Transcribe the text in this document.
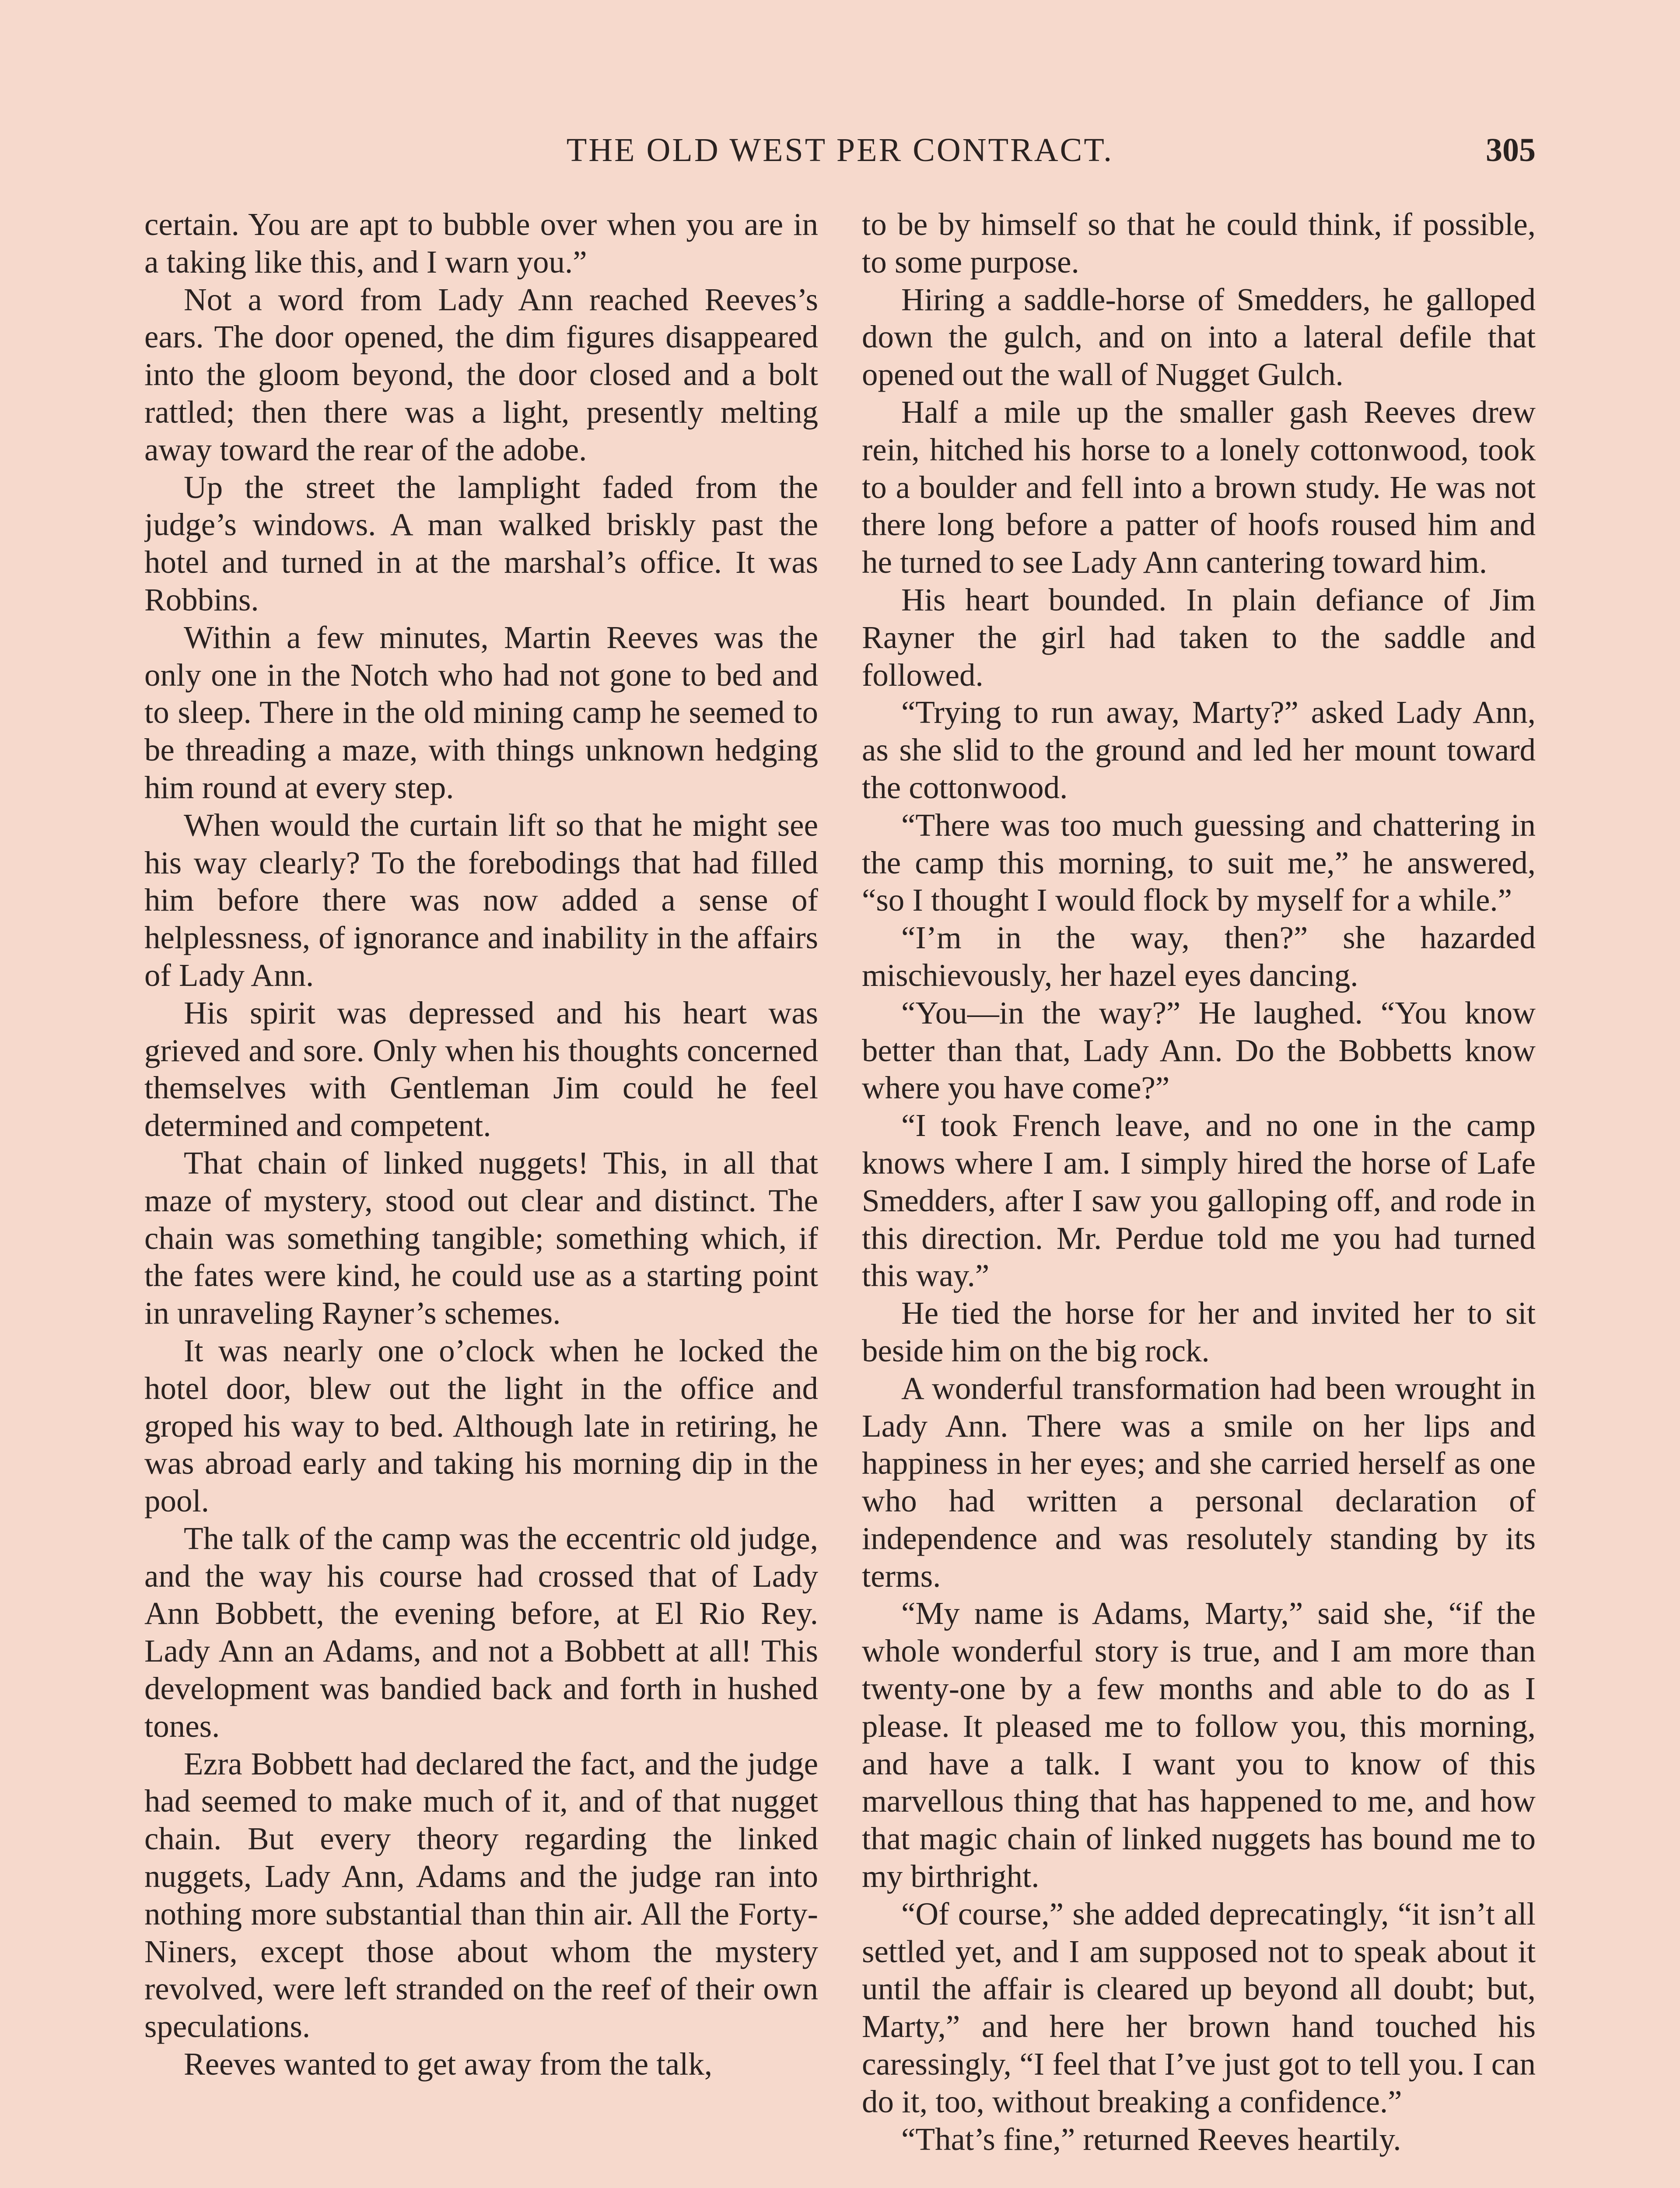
THE OLD WEST PER CONTRACT.	305

certain. You are apt to bubble over when you are in a taking like this, and I warn you.”

Not a word from Lady Ann reached Reeves’s ears. The door opened, the dim figures disappeared into the gloom beyond, the door closed and a bolt rattled; then there was a light, presently melting away toward the rear of the adobe.

Up the street the lamplight faded from the judge’s windows. A man walked briskly past the hotel and turned in at the marshal’s office. It was Robbins.

Within a few minutes, Martin Reeves was the only one in the Notch who had not gone to bed and to sleep. There in the old mining camp he seemed to be threading a maze, with things unknown hedging him round at every step.

When would the curtain lift so that he might see his way clearly? To the forebodings that had filled him before there was now added a sense of helplessness, of ignorance and inability in the affairs of Lady Ann.

His spirit was depressed and his heart was grieved and sore. Only when his thoughts concerned themselves with Gentleman Jim could he feel determined and competent.

That chain of linked nuggets! This, in all that maze of mystery, stood out clear and distinct. The chain was something tangible; something which, if the fates were kind, he could use as a starting point in unraveling Rayner’s schemes.

It was nearly one o’clock when he locked the hotel door, blew out the light in the office and groped his way to bed. Although late in retiring, he was abroad early and taking his morning dip in the pool.

The talk of the camp was the eccentric old judge, and the way his course had crossed that of Lady Ann Bobbett, the evening before, at El Rio Rey. Lady Ann an Adams, and not a Bobbett at all! This development was bandied back and forth in hushed tones.

Ezra Bobbett had declared the fact, and the judge had seemed to make much of it, and of that nugget chain. But every theory regarding the linked nuggets, Lady Ann, Adams and the judge ran into nothing more substantial than thin air. All the Forty-Niners, except those about whom the mystery revolved, were left stranded on the reef of their own speculations.

Reeves wanted to get away from the talk,

to be by himself so that he could think, if possible, to some purpose.

Hiring a saddle-horse of Smedders, he galloped down the gulch, and on into a lateral defile that opened out the wall of Nugget Gulch.

Half a mile up the smaller gash Reeves drew rein, hitched his horse to a lonely cottonwood, took to a boulder and fell into a brown study. He was not there long before a patter of hoofs roused him and he turned to see Lady Ann cantering toward him.

His heart bounded. In plain defiance of Jim Rayner the girl had taken to the saddle and followed.

“Trying to run away, Marty?” asked Lady Ann, as she slid to the ground and led her mount toward the cottonwood.

“There was too much guessing and chattering in the camp this morning, to suit me,” he answered, “so I thought I would flock by myself for a while.”

“I’m in the way, then?” she hazarded mischievously, her hazel eyes dancing.

“You—in the way?” He laughed. “You know better than that, Lady Ann. Do the Bobbetts know where you have come?”

“I took French leave, and no one in the camp knows where I am. I simply hired the horse of Lafe Smedders, after I saw you galloping off, and rode in this direction. Mr. Perdue told me you had turned this way.”

He tied the horse for her and invited her to sit beside him on the big rock.

A wonderful transformation had been wrought in Lady Ann. There was a smile on her lips and happiness in her eyes; and she carried herself as one who had written a personal declaration of independence and was resolutely standing by its terms.

“My name is Adams, Marty,” said she, “if the whole wonderful story is true, and I am more than twenty-one by a few months and able to do as I please. It pleased me to follow you, this morning, and have a talk. I want you to know of this marvellous thing that has happened to me, and how that magic chain of linked nuggets has bound me to my birthright.

“Of course,” she added deprecatingly, “it isn’t all settled yet, and I am supposed not to speak about it until the affair is cleared up beyond all doubt; but, Marty,” and here her brown hand touched his caressingly, “I feel that I’ve just got to tell you. I can do it, too, without breaking a confidence.”

“That’s fine,” returned Reeves heartily.
